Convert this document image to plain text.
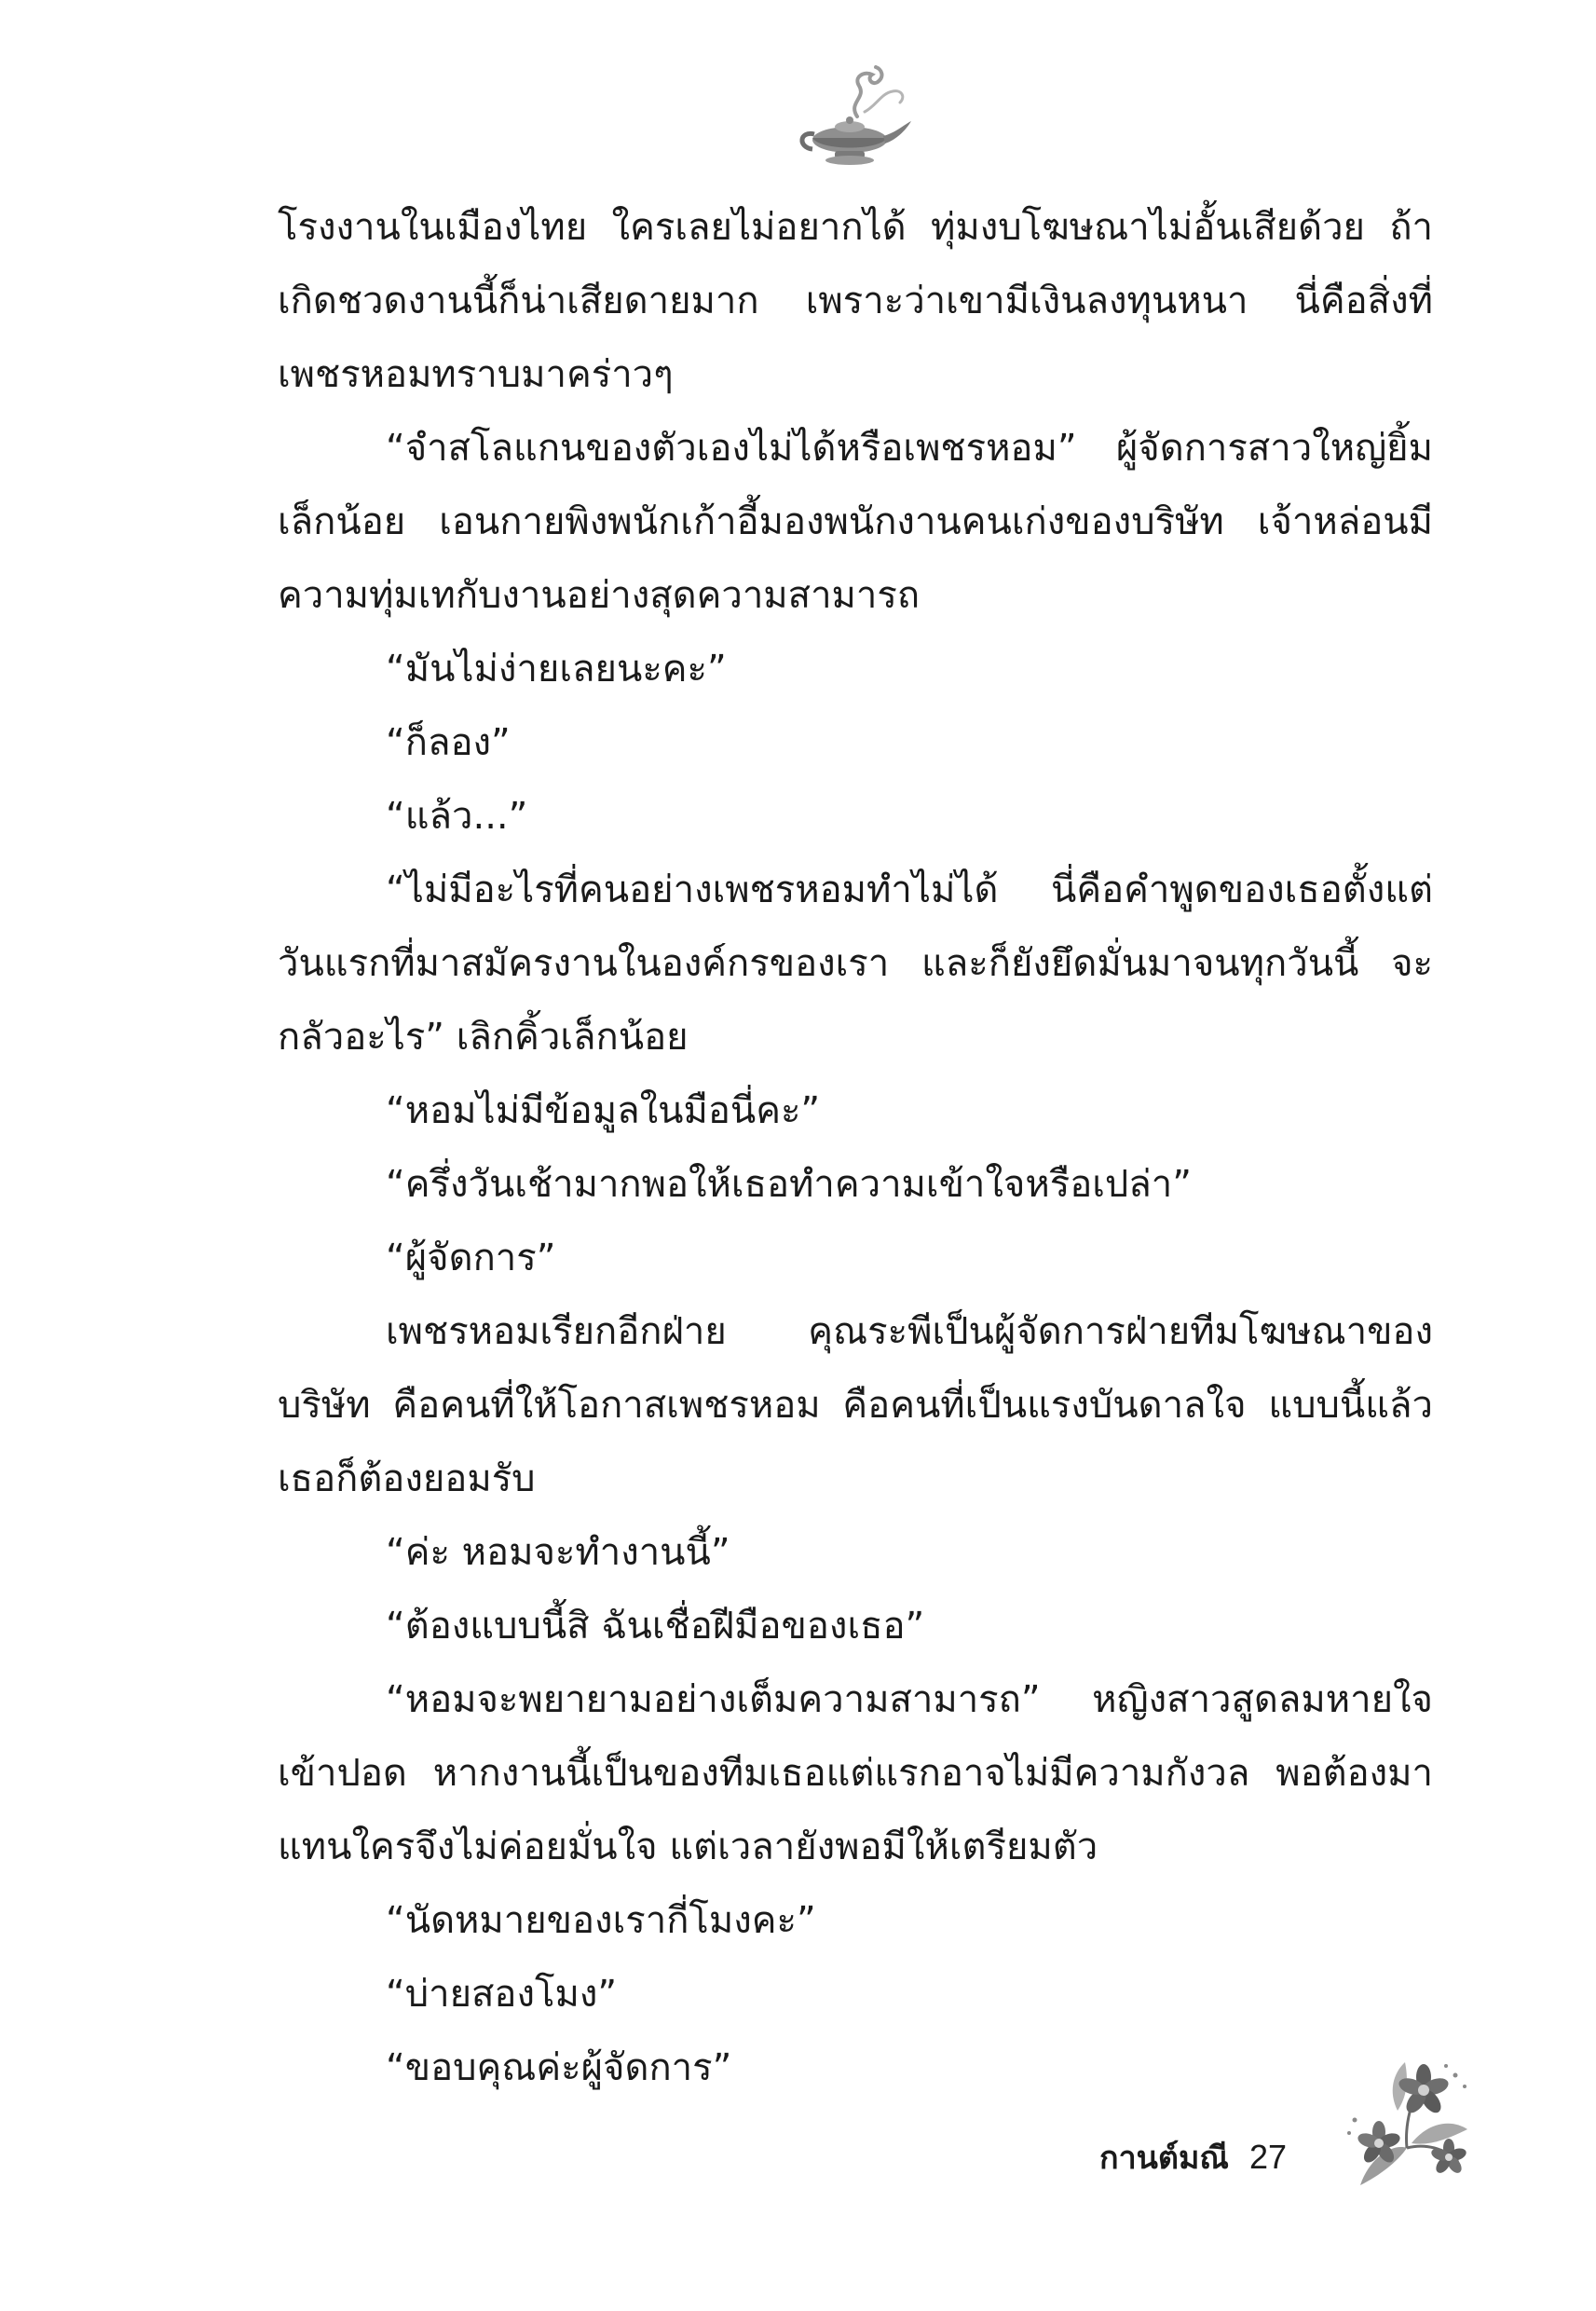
โรงงานในเมืองไทย ใครเลยไม่อยากได้ ทุ่มงบโฆษณาไม่อั้นเสียด้วย ถ้าเกิดชวดงานนี้ก็น่าเสียดายมาก เพราะว่าเขามีเงินลงทุนหนา นี่คือสิ่งที่เพชรหอมทราบมาคร่าวๆ

“จำสโลแกนของตัวเองไม่ได้หรือเพชรหอม” ผู้จัดการสาวใหญ่ยิ้มเล็กน้อย เอนกายพิงพนักเก้าอี้มองพนักงานคนเก่งของบริษัท เจ้าหล่อนมีความทุ่มเทกับงานอย่างสุดความสามารถ

“มันไม่ง่ายเลยนะคะ”

“ก็ลอง”

“แล้ว...”

“ไม่มีอะไรที่คนอย่างเพชรหอมทำไม่ได้ นี่คือคำพูดของเธอตั้งแต่วันแรกที่มาสมัครงานในองค์กรของเรา และก็ยังยึดมั่นมาจนทุกวันนี้ จะกลัวอะไร” เลิกคิ้วเล็กน้อย

“หอมไม่มีข้อมูลในมือนี่คะ”

“ครึ่งวันเช้ามากพอให้เธอทำความเข้าใจหรือเปล่า”

“ผู้จัดการ”

เพชรหอมเรียกอีกฝ่าย คุณระพีเป็นผู้จัดการฝ่ายทีมโฆษณาของบริษัท คือคนที่ให้โอกาสเพชรหอม คือคนที่เป็นแรงบันดาลใจ แบบนี้แล้วเธอก็ต้องยอมรับ

“ค่ะ หอมจะทำงานนี้”

“ต้องแบบนี้สิ ฉันเชื่อฝีมือของเธอ”

“หอมจะพยายามอย่างเต็มความสามารถ” หญิงสาวสูดลมหายใจเข้าปอด หากงานนี้เป็นของทีมเธอแต่แรกอาจไม่มีความกังวล พอต้องมาแทนใครจึงไม่ค่อยมั่นใจ แต่เวลายังพอมีให้เตรียมตัว

“นัดหมายของเรากี่โมงคะ”

“บ่ายสองโมง”

“ขอบคุณค่ะผู้จัดการ”

กานต์มณี 27
